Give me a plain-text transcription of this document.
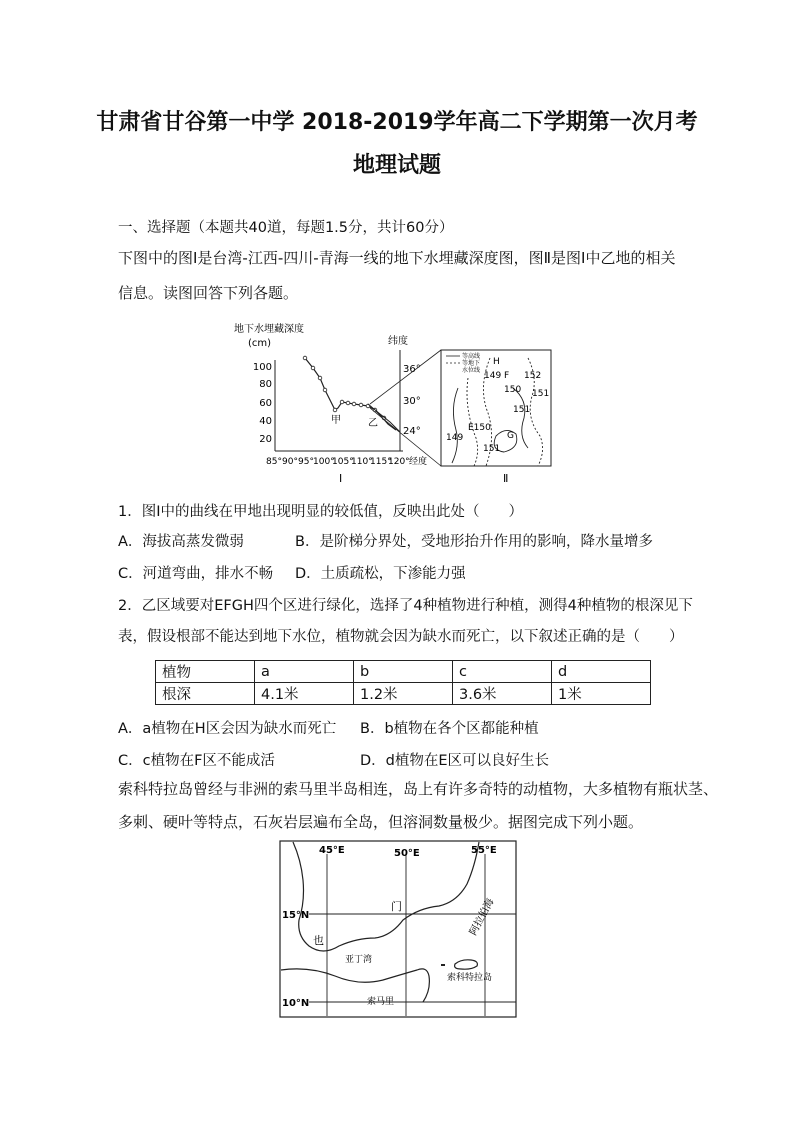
甘肃省甘谷第一中学 2018-2019学年高二下学期第一次月考
地理试题
一、选择题（本题共40道，每题1.5分，共计60分）
下图中的图Ⅰ是台湾-江西-四川-青海一线的地下水埋藏深度图，图Ⅱ是图Ⅰ中乙地的相关
信息。读图回答下列各题。
地下水埋藏深度
(cm)	纬度
100
80
60
40
20
36°
30°
24°
85° 90° 95° 100°
105°
110°
115°
120° 经度
甲	乙
Ⅰ
等高线
等地下
水位线
H
149 F 152
150 151
151
E150
149	G
151
Ⅱ
1．图Ⅰ中的曲线在甲地出现明显的较低值，反映出此处（　　）
A．海拔高蒸发微弱	B．是阶梯分界处，受地形抬升作用的影响，降水量增多
C．河道弯曲，排水不畅 D．土质疏松，下渗能力强
2．乙区域要对EFGH四个区进行绿化，选择了4种植物进行种植，测得4种植物的根深见下
表，假设根部不能达到地下水位，植物就会因为缺水而死亡，以下叙述正确的是（　　）
植物	a	b	c	d
根深	4.1米	1.2米	3.6米	1米
A．a植物在H区会因为缺水而死亡 B．b植物在各个区都能种植
C．c植物在F区不能成活	D．d植物在E区可以良好生长
索科特拉岛曾经与非洲的索马里半岛相连，岛上有许多奇特的动植物，大多植物有瓶状茎、
多刺、硬叶等特点，石灰岩层遍布全岛，但溶洞数量极少。据图完成下列小题。
45°E	50°E	55°E
15°N
10°N
门
也
亚丁湾
阿拉伯海
索科特拉岛
索马里
